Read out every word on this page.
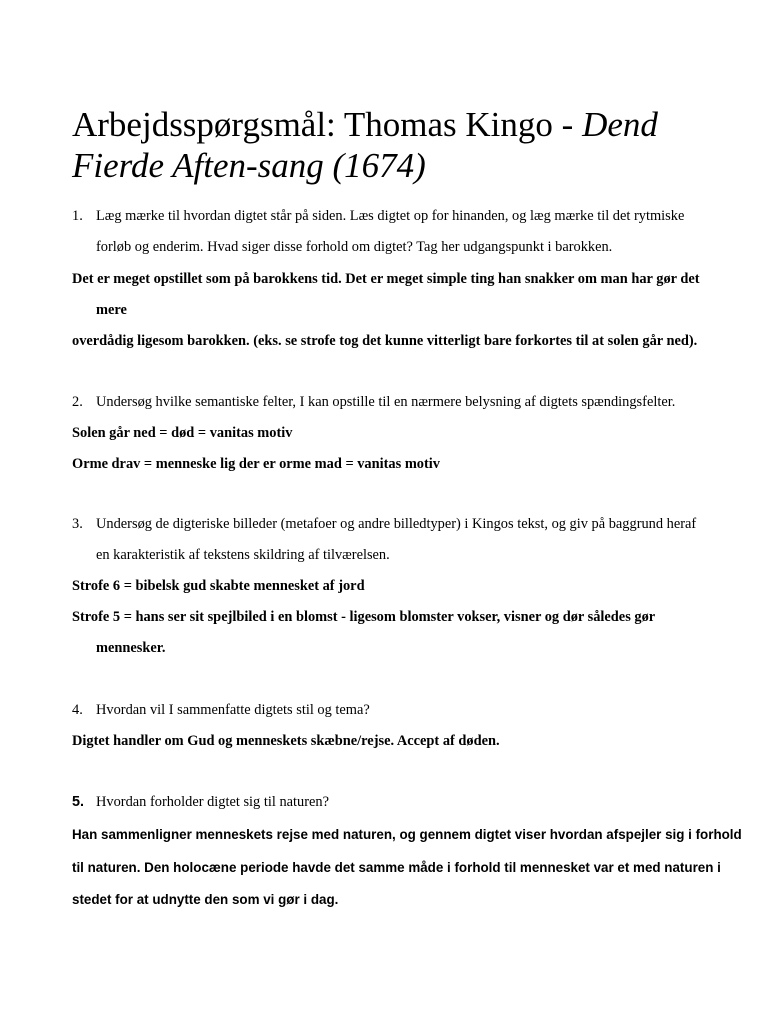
Arbejdsspørgsmål: Thomas Kingo - Dend
Fierde Aften-sang (1674)

1. Læg mærke til hvordan digtet står på siden. Læs digtet op for hinanden, og læg mærke til det rytmiske

forløb og enderim. Hvad siger disse forhold om digtet? Tag her udgangspunkt i barokken.

Det er meget opstillet som på barokkens tid. Det er meget simple ting han snakker om man har gør det

mere

overdådig ligesom barokken. (eks. se strofe tog det kunne vitterligt bare forkortes til at solen går ned).

2. Undersøg hvilke semantiske felter, I kan opstille til en nærmere belysning af digtets spændingsfelter.

Solen går ned = død = vanitas motiv

Orme drav = menneske lig der er orme mad = vanitas motiv

3. Undersøg de digteriske billeder (metafoer og andre billedtyper) i Kingos tekst, og giv på baggrund heraf

en karakteristik af tekstens skildring af tilværelsen.

Strofe 6 = bibelsk gud skabte mennesket af jord

Strofe 5 = hans ser sit spejlbiled i en blomst - ligesom blomster vokser, visner og dør således gør

mennesker.

4. Hvordan vil I sammenfatte digtets stil og tema?

Digtet handler om Gud og menneskets skæbne/rejse. Accept af døden.

5. Hvordan forholder digtet sig til naturen?

Han sammenligner menneskets rejse med naturen, og gennem digtet viser hvordan afspejler sig i forhold

til naturen. Den holocæne periode havde det samme måde i forhold til mennesket var et med naturen i

stedet for at udnytte den som vi gør i dag.
